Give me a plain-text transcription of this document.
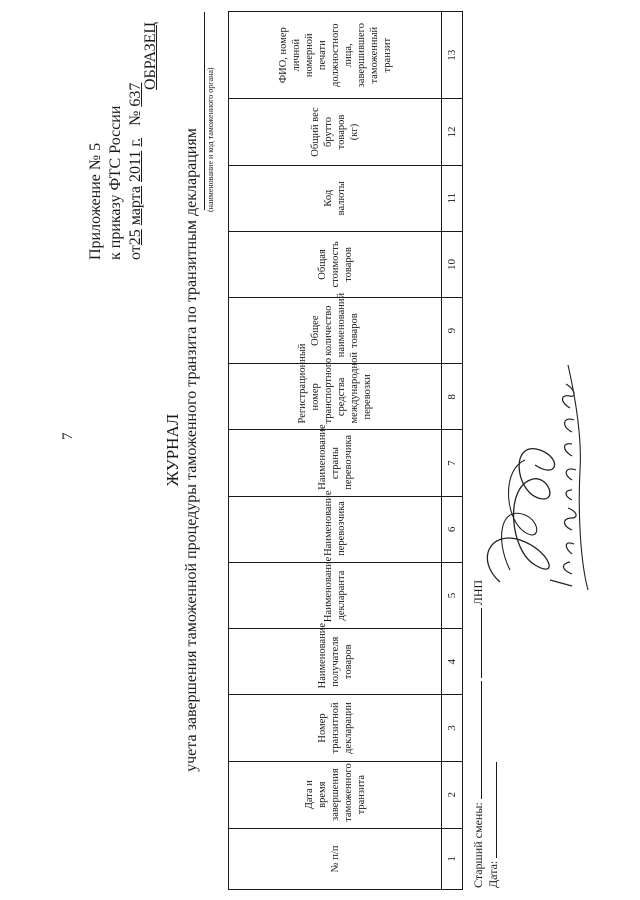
7
Приложение № 5 к приказу ФТС России от25 марта 2011 г.   № 637
ОБРАЗЕЦ
ЖУРНАЛ учета завершения таможенной процедуры таможенного транзита по транзитным декларациям (наименование и код таможенного органа)
№ п/п	Дата и время завершения таможенного транзита	Номер транзитной декларации	Наименование получателя товаров	Наименование декларанта	Наименование перевозчика	Наименование страны перевозчика	Регистрационный номер транспортного средства международной перевозки	Общее количество наименований товаров	Общая стоимость товаров	Код валюты	Общий вес брутто товаров (кг)	ФИО, номер личной номерной печати должностного лица, завершившего таможенный транзит
1	2	3	4	5	6	7	8	9	10	11	12	13
Старший смены:   ЛНП
Дата:
